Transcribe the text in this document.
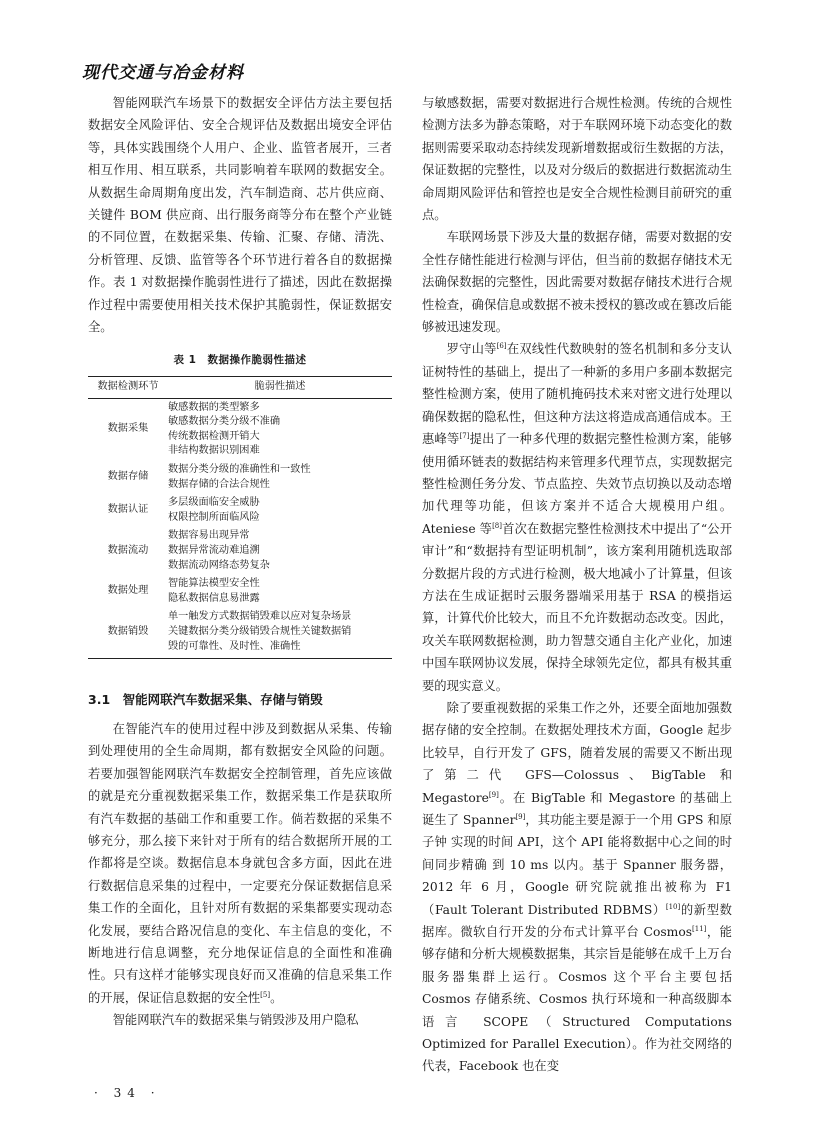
现代交通与冶金材料

智能网联汽车场景下的数据安全评估方法主要包括数据安全风险评估、安全合规评估及数据出境安全评估等，具体实践围绕个人用户、企业、监管者展开，三者相互作用、相互联系，共同影响着车联网的数据安全。从数据生命周期角度出发，汽车制造商、芯片供应商、关键件 BOM 供应商、出行服务商等分布在整个产业链的不同位置，在数据采集、传输、汇聚、存储、清洗、分析管理、反馈、监管等各个环节进行着各自的数据操作。表 1 对数据操作脆弱性进行了描述，因此在数据操作过程中需要使用相关技术保护其脆弱性，保证数据安全。

表 1　数据操作脆弱性描述
数据检测环节	脆弱性描述
数据采集	敏感数据的类型繁多
敏感数据分类分级不准确
传统数据检测开销大
非结构数据识别困难

数据存储	数据分类分级的准确性和一致性
数据存储的合法合规性

数据认证	多层级面临安全威胁
权限控制所面临风险

数据流动	数据容易出现异常
数据异常流动难追溯
数据流动网络态势复杂

数据处理	智能算法模型安全性
隐私数据信息易泄露

数据销毁	单一触发方式数据销毁难以应对复杂场景
关键数据分类分级销毁合规性关键数据销
毁的可靠性、及时性、准确性
3.1　智能网联汽车数据采集、存储与销毁

在智能汽车的使用过程中涉及到数据从采集、传输到处理使用的全生命周期，都有数据安全风险的问题。若要加强智能网联汽车数据安全控制管理，首先应该做的就是充分重视数据采集工作，数据采集工作是获取所有汽车数据的基础工作和重要工作。倘若数据的采集不够充分，那么接下来针对于所有的结合数据所开展的工作都将是空谈。数据信息本身就包含多方面，因此在进行数据信息采集的过程中，一定要充分保证数据信息采集工作的全面化，且针对所有数据的采集都要实现动态化发展，要结合路况信息的变化、车主信息的变化，不断地进行信息调整，充分地保证信息的全面性和准确性。只有这样才能够实现良好而又准确的信息采集工作的开展，保证信息数据的安全性[5]。

智能网联汽车的数据采集与销毁涉及用户隐私

与敏感数据，需要对数据进行合规性检测。传统的合规性检测方法多为静态策略，对于车联网环境下动态变化的数据则需要采取动态持续发现新增数据或衍生数据的方法，保证数据的完整性，以及对分级后的数据进行数据流动生命周期风险评估和管控也是安全合规性检测目前研究的重点。

车联网场景下涉及大量的数据存储，需要对数据的安全性存储性能进行检测与评估，但当前的数据存储技术无法确保数据的完整性，因此需要对数据存储技术进行合规性检查，确保信息或数据不被未授权的篡改或在篡改后能够被迅速发现。

罗守山等[6]在双线性代数映射的签名机制和多分支认证树特性的基础上，提出了一种新的多用户多副本数据完整性检测方案，使用了随机掩码技术来对密文进行处理以确保数据的隐私性，但这种方法这将造成高通信成本。王惠峰等[7]提出了一种多代理的数据完整性检测方案，能够使用循环链表的数据结构来管理多代理节点，实现数据完整性检测任务分发、节点监控、失效节点切换以及动态增加代理等功能，但该方案并不适合大规模用户组。Ateniese 等[8]首次在数据完整性检测技术中提出了“公开审计”和“数据持有型证明机制”，该方案利用随机选取部分数据片段的方式进行检测，极大地减小了计算量，但该方法在生成证据时云服务器端采用基于 RSA 的模指运算，计算代价比较大，而且不允许数据动态改变。因此，攻关车联网数据检测，助力智慧交通自主化产业化，加速中国车联网协议发展，保持全球领先定位，都具有极其重要的现实意义。

除了要重视数据的采集工作之外，还要全面地加强数据存储的安全控制。在数据处理技术方面，Google 起步比较早，自行开发了 GFS，随着发展的需要又不断出现了第二代 GFS—Colossus、BigTable 和 Megastore[9]。在 BigTable 和 Megastore 的基础上诞生了 Spanner[9]，其功能主要是源于一个用 GPS 和原子钟 实现的时间 API，这个 API 能将数据中心之间的时间同步精确 到 10 ms 以内。基于 Spanner 服务器，2012 年 6 月，Google 研究院就推出被称为 F1（Fault Tolerant Distributed RDBMS）[10]的新型数据库。微软自行开发的分布式计算平台 Cosmos[11]，能够存储和分析大规模数据集，其宗旨是能够在成千上万台服务器集群上运行。Cosmos 这个平台主要包括 Cosmos 存储系统、Cosmos 执行环境和一种高级脚本语言 SCOPE（Structured Computations Optimized for Parallel Execution）。作为社交网络的代表，Facebook 也在变

· 34 ·
